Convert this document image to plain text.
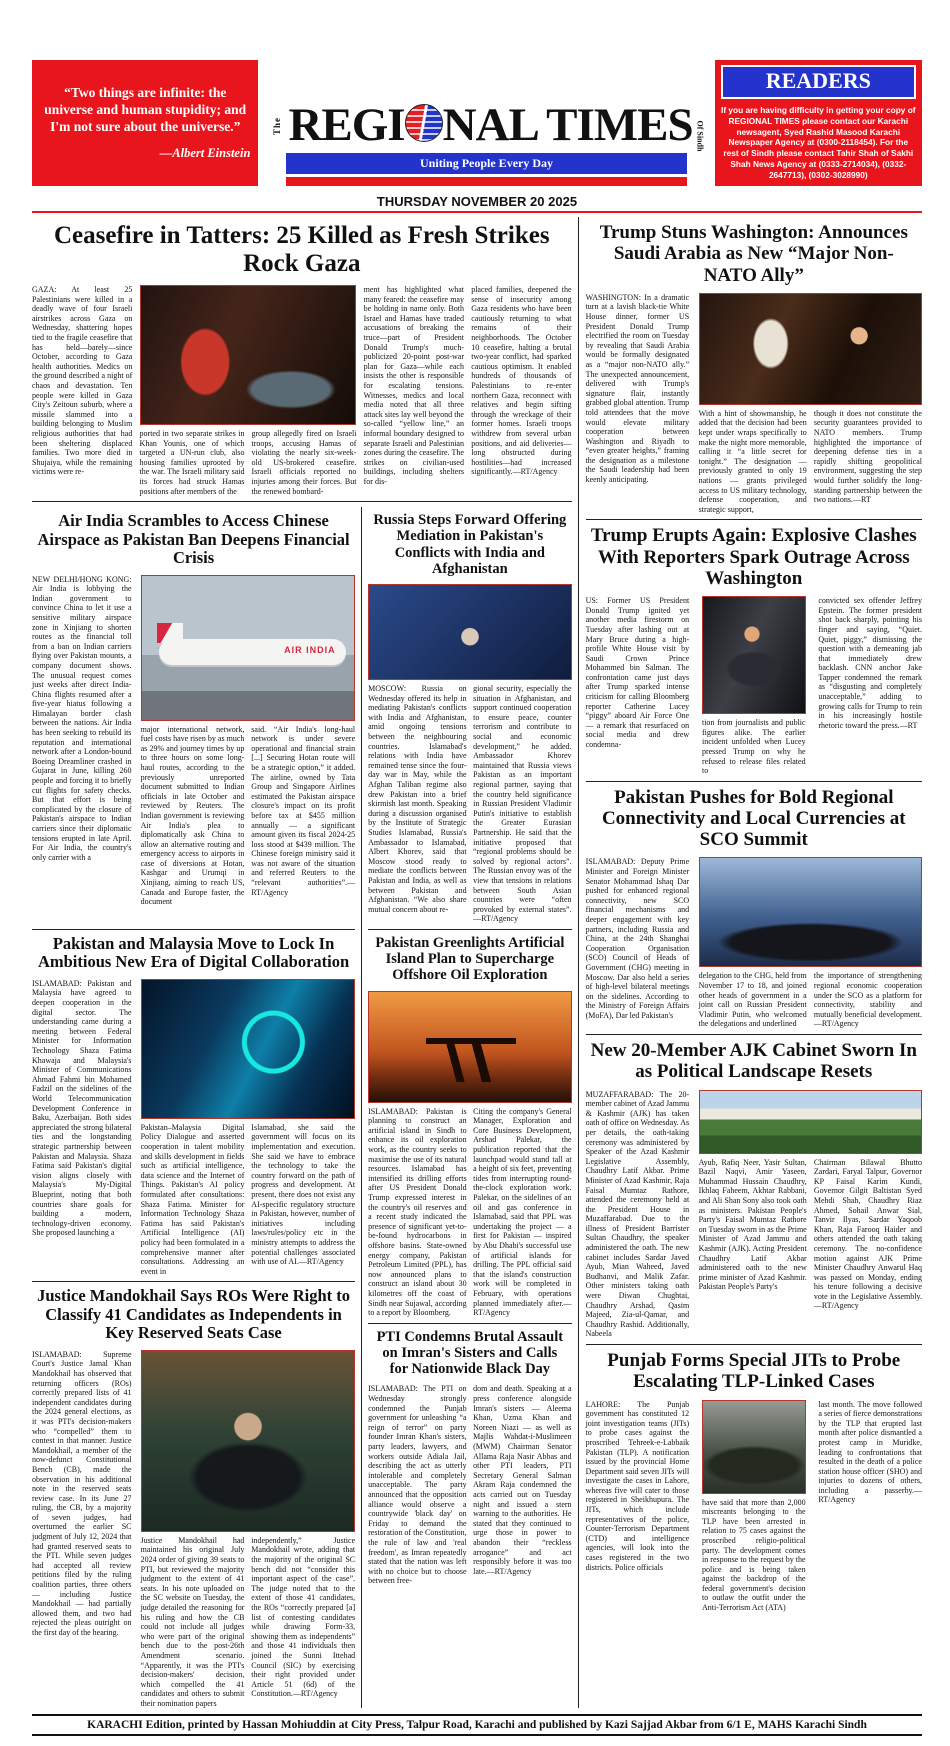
“Two things are infinite: the universe and human stupidity; and I'm not sure about the universe.”
—Albert Einstein
The REGI NAL TIMES Of Sindh
Uniting People Every Day
READERS
If you are having difficulty in getting your copy of REGIONAL TIMES please contact our Karachi newsagent, Syed Rashid Masood Karachi Newspaper Agency at (0300-2118454). For the rest of Sindh please contact Tahir Shah of Sakhi Shah News Agency at (0333-2714034), (0332-2647713), (0302-3028990)
THURSDAY NOVEMBER 20 2025
Ceasefire in Tatters: 25 Killed as Fresh Strikes Rock Gaza
GAZA: At least 25 Palestinians were killed in a deadly wave of four Israeli airstrikes across Gaza on Wednesday, shattering hopes tied to the fragile ceasefire that has held—barely—since October, according to Gaza health authorities. Medics on the ground described a night of chaos and devastation. Ten people were killed in Gaza City's Zeitoun suburb, where a missile slammed into a building belonging to Muslim religious authorities that had been sheltering displaced families. Two more died in Shujaiya, while the remaining victims were re-
ported in two separate strikes in Khan Younis, one of which targeted a UN-run club, also housing families uprooted by the war. The Israeli military said its forces had struck Hamas positions after members of the
group allegedly fired on Israeli troops, accusing Hamas of violating the nearly six-week-old US-brokered ceasefire. Israeli officials reported no injuries among their forces. But the renewed bombard-
ment has highlighted what many feared: the ceasefire may be holding in name only. Both Israel and Hamas have traded accusations of breaking the truce—part of President Donald Trump's much-publicized 20-point post-war plan for Gaza—while each insists the other is responsible for escalating tensions. Witnesses, medics and local media noted that all three attack sites lay well beyond the so-called “yellow line,” an informal boundary designed to separate Israeli and Palestinian zones during the ceasefire. The strikes on civilian-used buildings, including shelters for dis-
placed families, deepened the sense of insecurity among Gaza residents who have been cautiously returning to what remains of their neighborhoods. The October 10 ceasefire, halting a brutal two-year conflict, had sparked cautious optimism. It enabled hundreds of thousands of Palestinians to re-enter northern Gaza, reconnect with relatives and begin sifting through the wreckage of their former homes. Israeli troops withdrew from several urban positions, and aid deliveries—long obstructed during hostilities—had increased significantly.—RT/Agency
Air India Scrambles to Access Chinese Airspace as Pakistan Ban Deepens Financial Crisis
NEW DELHI/HONG KONG: Air India is lobbying the Indian government to convince China to let it use a sensitive military airspace zone in Xinjiang to shorten routes as the financial toll from a ban on Indian carriers flying over Pakistan mounts, a company document shows. The unusual request comes just weeks after direct India-China flights resumed after a five-year hiatus following a Himalayan border clash between the nations. Air India has been seeking to rebuild its reputation and international network after a London-bound Boeing Dreamliner crashed in Gujarat in June, killing 260 people and forcing it to briefly cut flights for safety checks. But that effort is being complicated by the closure of Pakistan's airspace to Indian carriers since their diplomatic tensions erupted in late April. For Air India, the country's only carrier with a
AIR INDIA
major international network, fuel costs have risen by as much as 29% and journey times by up to three hours on some long-haul routes, according to the previously unreported document submitted to Indian officials in late October and reviewed by Reuters. The Indian government is reviewing Air India's plea to diplomatically ask China to allow an alternative routing and emergency access to airports in case of diversions at Hotan, Kashgar and Urumqi in Xinjiang, aiming to reach US, Canada and Europe faster, the document
said. “Air India's long-haul network is under severe operational and financial strain [...] Securing Hotan route will be a strategic option,” it added. The airline, owned by Tata Group and Singapore Airlines estimated the Pakistan airspace closure's impact on its profit before tax at $455 million annually — a significant amount given its fiscal 2024-25 loss stood at $439 million. The Chinese foreign ministry said it was not aware of the situation and referred Reuters to the “relevant authorities”.—RT/Agency
Russia Steps Forward Offering Mediation in Pakistan's Conflicts with India and Afghanistan
MOSCOW: Russia on Wednesday offered its help in mediating Pakistan's conflicts with India and Afghanistan, amid ongoing tensions between the neighbouring countries. Islamabad's relations with India have remained tense since the four-day war in May, while the Afghan Taliban regime also drew Pakistan into a brief skirmish last month. Speaking during a discussion organised by the Institute of Strategic Studies Islamabad, Russia's Ambassador to Islamabad, Albert Khorev, said that Moscow stood ready to mediate the conflicts between Pakistan and India, as well as between Pakistan and Afghanistan. “We also share mutual concern about re-
gional security, especially the situation in Afghanistan, and support continued cooperation to ensure peace, counter terrorism and contribute to social and economic development,” he added. Ambassador Khorev maintained that Russia views Pakistan as an important regional partner, saying that the country held significance in Russian President Vladimir Putin's initiative to establish the Greater Eurasian Partnership. He said that the initiative proposed that “regional problems should be solved by regional actors”. The Russian envoy was of the view that tensions in relations between South Asian countries were “often provoked by external states”.—RT/Agency
Pakistan and Malaysia Move to Lock In Ambitious New Era of Digital Collaboration
ISLAMABAD: Pakistan and Malaysia have agreed to deepen cooperation in the digital sector. The understanding came during a meeting between Federal Minister for Information Technology Shaza Fatima Khawaja and Malaysia's Minister of Communications Ahmad Fahmi bin Mohamed Fadzil on the sidelines of the World Telecommunication Development Conference in Baku, Azerbaijan. Both sides appreciated the strong bilateral ties and the longstanding strategic partnership between Pakistan and Malaysia. Shaza Fatima said Pakistan's digital vision aligns closely with Malaysia's My-Digital Blueprint, noting that both countries share goals for building a modern, technology-driven economy. She proposed launching a
Pakistan–Malaysia Digital Policy Dialogue and asserted cooperation in talent mobility and skills development in fields such as artificial intelligence, data science and the Internet of Things. Pakistan's AI policy formulated after consultations: Shaza Fatima. Minister for Information Technology Shaza Fatima has said Pakistan's Artificial Intelligence (AI) policy had been formulated in a comprehensive manner after consultations. Addressing an event in
Islamabad, she said the government will focus on its implementation and execution. She said we have to embrace the technology to take the country forward on the path of progress and development. At present, there does not exist any AI-specific regulatory structure in Pakistan, however, number of initiatives including laws/rules/policy etc in the ministry attempts to address the potential challenges associated with use of AI.—RT/Agency
Justice Mandokhail Says ROs Were Right to Classify 41 Candidates as Independents in Key Reserved Seats Case
ISLAMABAD: Supreme Court's Justice Jamal Khan Mandokhail has observed that returning officers (ROs) correctly prepared lists of 41 independent candidates during the 2024 general elections, as it was PTI's decision-makers who “compelled” them to contest in that manner. Justice Mandokhail, a member of the now-defunct Constitutional Bench (CB), made the observation in his additional note in the reserved seats review case. In its June 27 ruling, the CB, by a majority of seven judges, had overturned the earlier SC judgment of July 12, 2024 that had granted reserved seats to the PTI. While seven judges had accepted all review petitions filed by the ruling coalition parties, three others — including Justice Mandokhail — had partially allowed them, and two had rejected the pleas outright on the first day of the hearing.
Justice Mandokhail had maintained his original July 2024 order of giving 39 seats to PTI, but reviewed the majority judgment to the extent of 41 seats. In his note uploaded on the SC website on Tuesday, the judge detailed the reasoning for his ruling and how the CB could not include all judges who were part of the original bench due to the post-26th Amendment scenario. “Apparently, it was the PTI's decision-makers' decision, which compelled the 41 candidates and others to submit their nomination papers
independently,” Justice Mandokhail wrote, adding that the majority of the original SC bench did not “consider this important aspect of the case”. The judge noted that to the extent of those 41 candidates, the ROs “correctly prepared [a] list of contesting candidates while drawing Form-33, showing them as independents” and those 41 individuals then joined the Sunni Ittehad Council (SIC) by exercising their right provided under Article 51 (6d) of the Constitution.—RT/Agency
Pakistan Greenlights Artificial Island Plan to Supercharge Offshore Oil Exploration
ISLAMABAD: Pakistan is planning to construct an artificial island in Sindh to enhance its oil exploration work, as the country seeks to maximise the use of its natural resources. Islamabad has intensified its drilling efforts after US President Donald Trump expressed interest in the country's oil reserves and a recent study indicated the presence of significant yet-to-be-found hydrocarbons in offshore basins. State-owned energy company, Pakistan Petroleum Limited (PPL), has now announced plans to construct an island about 30 kilometres off the coast of Sindh near Sujawal, according to a report by Bloomberg.
Citing the company's General Manager, Exploration and Core Business Development, Arshad Palekar, the publication reported that the launchpad would stand tall at a height of six feet, preventing tides from interrupting round-the-clock exploration work. Palekar, on the sidelines of an oil and gas conference in Islamabad, said that PPL was undertaking the project — a first for Pakistan — inspired by Abu Dhabi's successful use of artificial islands for drilling. The PPL official said that the island's construction work will be completed in February, with operations planned immediately after.—RT/Agency
PTI Condemns Brutal Assault on Imran's Sisters and Calls for Nationwide Black Day
ISLAMABAD: The PTI on Wednesday strongly condemned the Punjab government for unleashing “a reign of terror” on party founder Imran Khan's sisters, party leaders, lawyers, and workers outside Adiala Jail, describing the act as utterly intolerable and completely unacceptable. The party announced that the opposition alliance would observe a countrywide 'black day' on Friday to demand the restoration of the Constitution, the rule of law and 'real freedom', as Imran repeatedly stated that the nation was left with no choice but to choose between free-
dom and death. Speaking at a press conference alongside Imran's sisters — Aleema Khan, Uzma Khan and Noreen Niazi — as well as Majlis Wahdat-i-Muslimeen (MWM) Chairman Senator Allama Raja Nasir Abbas and other PTI leaders, PTI Secretary General Salman Akram Raja condemned the acts carried out on Tuesday night and issued a stern warning to the authorities. He stated that they continued to urge those in power to abandon their “reckless arrogance” and act responsibly before it was too late.—RT/Agency
Trump Stuns Washington: Announces Saudi Arabia as New “Major Non-NATO Ally”
WASHINGTON: In a dramatic turn at a lavish black-tie White House dinner, former US President Donald Trump electrified the room on Tuesday by revealing that Saudi Arabia would be formally designated as a “major non-NATO ally.” The unexpected announcement, delivered with Trump's signature flair, instantly grabbed global attention. Trump told attendees that the move would elevate military cooperation between Washington and Riyadh to “even greater heights,” framing the designation as a milestone the Saudi leadership had been keenly anticipating.
With a hint of showmanship, he added that the decision had been kept under wraps specifically to make the night more memorable, calling it “a little secret for tonight.” The designation — previously granted to only 19 nations — grants privileged access to US military technology, defense cooperation, and strategic support,
though it does not constitute the security guarantees provided to NATO members. Trump highlighted the importance of deepening defense ties in a rapidly shifting geopolitical environment, suggesting the step would further solidify the long-standing partnership between the two nations.—RT
Trump Erupts Again: Explosive Clashes With Reporters Spark Outrage Across Washington
US: Former US President Donald Trump ignited yet another media firestorm on Tuesday after lashing out at Mary Bruce during a high-profile White House visit by Saudi Crown Prince Mohammed bin Salman. The confrontation came just days after Trump sparked intense criticism for calling Bloomberg reporter Catherine Lucey “piggy” aboard Air Force One — a remark that resurfaced on social media and drew condemna-
tion from journalists and public figures alike. The earlier incident unfolded when Lucey pressed Trump on why he refused to release files related to
convicted sex offender Jeffrey Epstein. The former president shot back sharply, pointing his finger and saying, “Quiet. Quiet, piggy,” dismissing the question with a demeaning jab that immediately drew backlash. CNN anchor Jake Tapper condemned the remark as “disgusting and completely unacceptable,” adding to growing calls for Trump to rein in his increasingly hostile rhetoric toward the press.—RT
Pakistan Pushes for Bold Regional Connectivity and Local Currencies at SCO Summit
ISLAMABAD: Deputy Prime Minister and Foreign Minister Senator Mohammad Ishaq Dar pushed for enhanced regional connectivity, new SCO financial mechanisms and deeper engagement with key partners, including Russia and China, at the 24th Shanghai Cooperation Organisation (SCO) Council of Heads of Government (CHG) meeting in Moscow. Dar also held a series of high-level bilateral meetings on the sidelines. According to the Ministry of Foreign Affairs (MoFA), Dar led Pakistan's
delegation to the CHG, held from November 17 to 18, and joined other heads of government in a joint call on Russian President Vladimir Putin, who welcomed the delegations and underlined
the importance of strengthening regional economic cooperation under the SCO as a platform for connectivity, stability and mutually beneficial development.—RT/Agency
New 20-Member AJK Cabinet Sworn In as Political Landscape Resets
MUZAFFARABAD: The 20-member cabinet of Azad Jammu & Kashmir (AJK) has taken oath of office on Wednesday. As per details, the oath-taking ceremony was administered by Speaker of the Azad Kashmir Legislative Assembly, Chaudhry Latif Akbar. Prime Minister of Azad Kashmir, Raja Faisal Mumtaz Rathore, attended the ceremony held at the President House in Muzaffarabad. Due to the illness of President Barrister Sultan Chaudhry, the speaker administered the oath. The new cabinet includes Sardar Javed Ayub, Mian Waheed, Javed Budhanvi, and Malik Zafar. Other ministers taking oath were Diwan Chughtai, Chaudhry Arshad, Qasim Majeed, Zia-ul-Qamar, and Chaudhry Rashid. Additionally, Nabeela
Ayub, Rafiq Neer, Yasir Sultan, Bazil Naqvi, Amir Yaseen, Muhammad Hussain Chaudhry, Ikhlaq Faheem, Akhtar Rabbani, and Ali Shan Sony also took oath as ministers. Pakistan People's Party's Faisal Mumtaz Rathore on Tuesday sworn in as the Prime Minister of Azad Jammu and Kashmir (AJK). Acting President Chaudhry Latif Akbar administered oath to the new prime minister of Azad Kashmir. Pakistan People's Party's
Chairman Bilawal Bhutto Zardari, Faryal Talpur, Governor KP Faisal Karim Kundi, Governor Gilgit Baltistan Syed Mehdi Shah, Chaudhry Riaz Ahmed, Sohail Anwar Sial, Tanvir Ilyas, Sardar Yaqoob Khan, Raja Farooq Haider and others attended the oath taking ceremony. The no-confidence motion against AJK Prime Minister Chaudhry Anwarul Haq was passed on Monday, ending his tenure following a decisive vote in the Legislative Assembly.—RT/Agency
Punjab Forms Special JITs to Probe Escalating TLP-Linked Cases
LAHORE: The Punjab government has constituted 12 joint investigation teams (JITs) to probe cases against the proscribed Tehreek-e-Labbaik Pakistan (TLP). A notification issued by the provincial Home Department said seven JITs will investigate the cases in Lahore, whereas five will cater to those registered in Sheikhupura. The JITs, which include representatives of the police, Counter-Terrorism Department (CTD) and intelligence agencies, will look into the cases registered in the two districts. Police officials
have said that more than 2,000 miscreants belonging to the TLP have been arrested in relation to 75 cases against the proscribed religio-political party. The development comes in response to the request by the police and is being taken against the backdrop of the federal government's decision to outlaw the outfit under the Anti-Terrorism Act (ATA)
last month. The move followed a series of fierce demonstrations by the TLP that erupted last month after police dismantled a protest camp in Muridke, leading to confrontations that resulted in the death of a police station house officer (SHO) and injuries to dozens of others, including a passerby.—RT/Agency
KARACHI Edition, printed by Hassan Mohiuddin at City Press, Talpur Road, Karachi and published by Kazi Sajjad Akbar from 6/1 E, MAHS Karachi Sindh
